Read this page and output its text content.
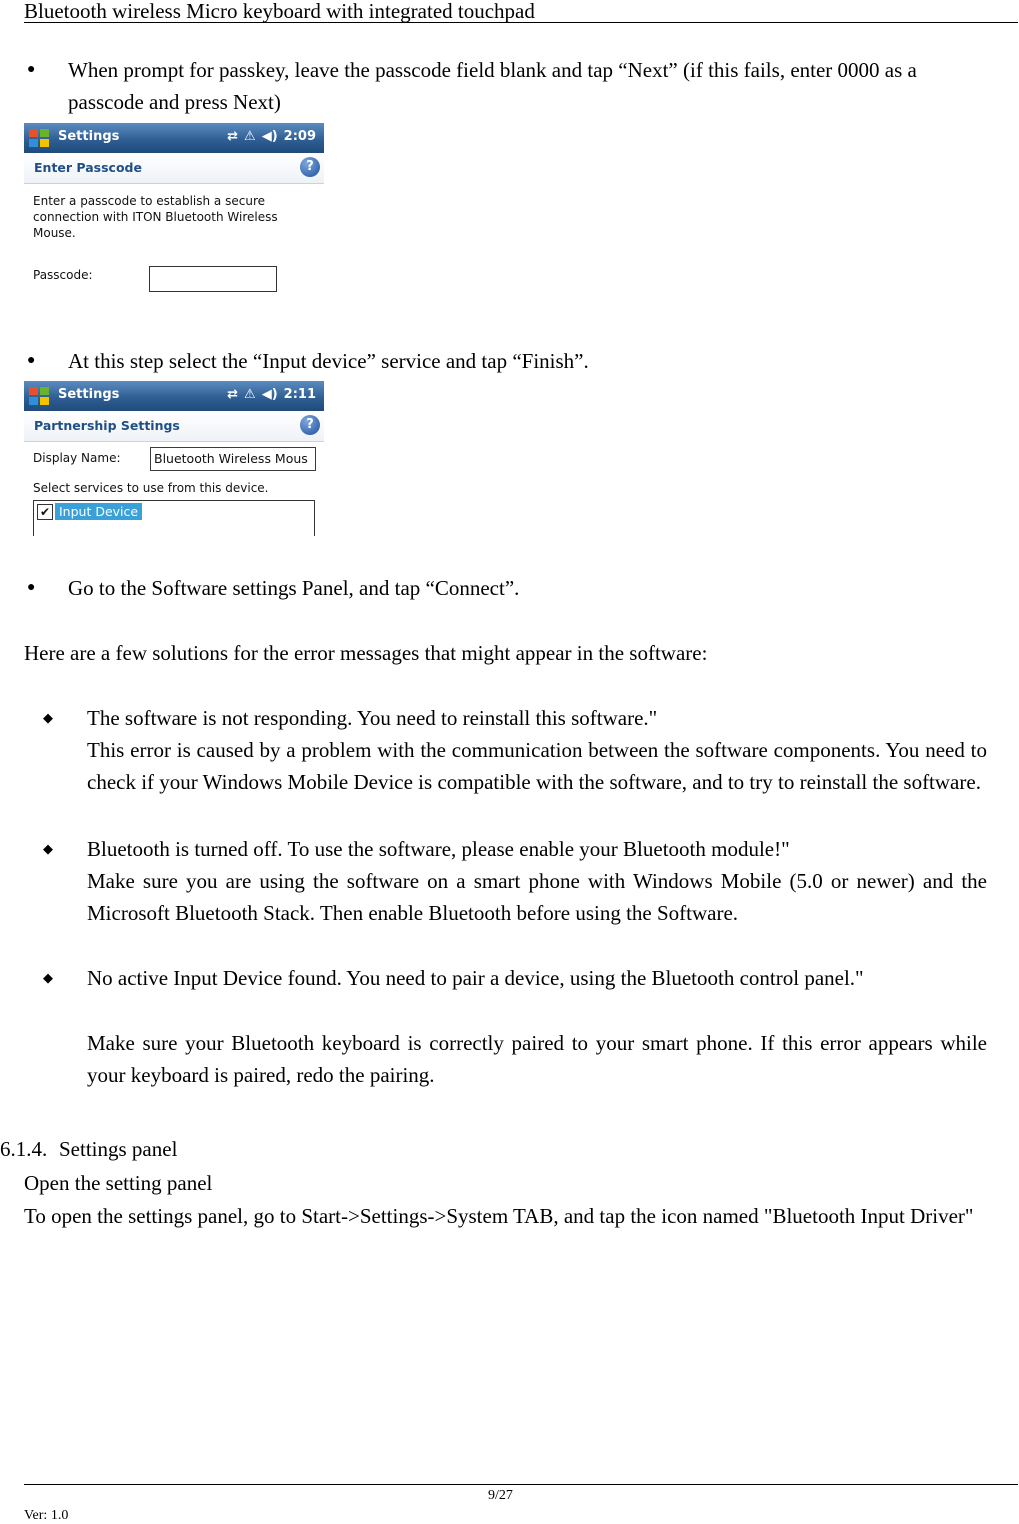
Bluetooth wireless Micro keyboard with integrated touchpad
● When prompt for passkey, leave the passcode field blank and tap “Next” (if this fails, enter 0000 as a passcode and press Next)
Settings	⇄ ⚠ ◀) 2:09
Enter Passcode	?
Enter a passcode to establish a secure connection with ITON Bluetooth Wireless Mouse.
Passcode:
● At this step select the “Input device” service and tap “Finish”.
Settings	⇄ ⚠ ◀) 2:11
Partnership Settings	?
Display Name:	Bluetooth Wireless Mous
Select services to use from this device.
✔ Input Device
● Go to the Software settings Panel, and tap “Connect”.
Here are a few solutions for the error messages that might appear in the software:
◆ The software is not responding. You need to reinstall this software."
This error is caused by a problem with the communication between the software components. You need to check if your Windows Mobile Device is compatible with the software, and to try to reinstall the software.
◆ Bluetooth is turned off. To use the software, please enable your Bluetooth module!"
Make sure you are using the software on a smart phone with Windows Mobile (5.0 or newer) and the Microsoft Bluetooth Stack. Then enable Bluetooth before using the Software.
◆ No active Input Device found. You need to pair a device, using the Bluetooth control panel."
Make sure your Bluetooth keyboard is correctly paired to your smart phone. If this error appears while your keyboard is paired, redo the pairing.
6.1.4. Settings panel
Open the setting panel
To open the settings panel, go to Start->Settings->System TAB, and tap the icon named "Bluetooth Input Driver"
9/27
Ver: 1.0
